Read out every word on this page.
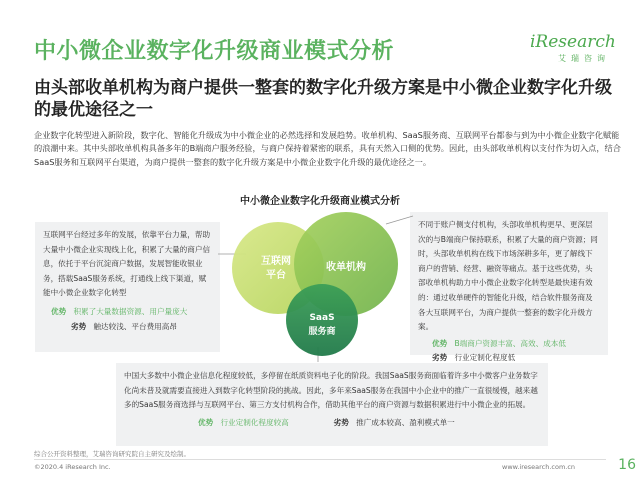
中小微企业数字化升级商业模式分析	iResearch
艾瑞咨询
由头部收单机构为商户提供一整套的数字化升级方案是中小微企业数字化升级的最优途径之一
企业数字化转型进入新阶段，数字化、智能化升级成为中小微企业的必然选择和发展趋势。收单机构、SaaS服务商、互联网平台都参与到为中小微企业数字化赋能的浪潮中来。其中头部收单机构具备多年的B端商户服务经验，与商户保持着紧密的联系，具有天然入口侧的优势。因此，由头部收单机构以支付作为切入点，结合SaaS服务和互联网平台渠道，为商户提供一整套的数字化升级方案是中小微企业数字化升级的最优途径之一。
中小微企业数字化升级商业模式分析
互联网平台经过多年的发展，依靠平台力量，帮助大量中小微企业实现线上化，积累了大量的商户信息，依托于平台沉淀商户数据，发展智能收银业务，搭载SaaS服务系统，打通线上线下渠道，赋能中小微企业数字化转型
优势 积累了大量数据资源、用户量庞大
劣势 触达较浅、平台费用高昂
不同于账户侧支付机构，头部收单机构更早、更深层次的与B端商户保持联系，积累了大量的商户资源；同时，头部收单机构在线下市场深耕多年，更了解线下商户的营销、经营、融资等痛点。基于这些优势，头部收单机构助力中小微企业数字化转型是最快速有效的：通过收单硬件的智能化升级，结合软件服务商及各大互联网平台，为商户提供一整套的数字化升级方案。
优势 B端商户资源丰富、高效、成本低
劣势 行业定制化程度低
中国大多数中小微企业信息化程度较低，多停留在纸质资料电子化的阶段。我国SaaS服务商面临着许多中小微客户业务数字化尚未普及就需要直接进入到数字化转型阶段的挑战。因此，多年来SaaS服务在我国中小企业中的推广一直很缓慢，越来越多的SaaS服务商选择与互联网平台、第三方支付机构合作，借助其他平台的商户资源与数据积累进行中小微企业的拓展。
优势 行业定制化程度较高	劣势 推广成本较高、盈利模式单一
互联网
平台
收单机构
SaaS
服务商
综合公开资料整理，艾瑞咨询研究院自主研究及绘制。
©2020.4 iResearch Inc.	www.iresearch.com.cn	16
